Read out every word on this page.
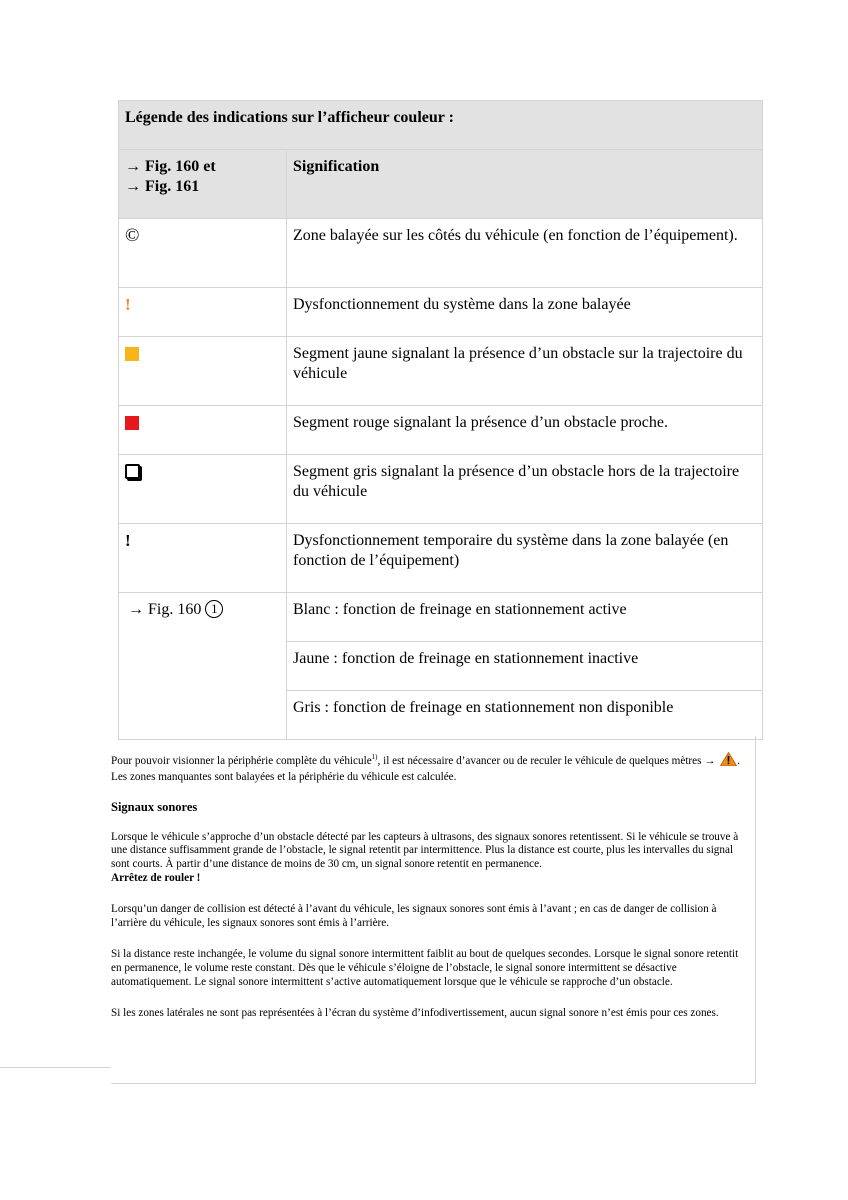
Légende des indications sur l’afficheur couleur :	

→ Fig. 160 et
→ Fig. 161	Signification
©	Zone balayée sur les côtés du véhicule (en fonction de l’équipement).
!	Dysfonctionnement du système dans la zone balayée
	Segment jaune signalant la présence d’un obstacle sur la trajectoire du véhicule
	Segment rouge signalant la présence d’un obstacle proche.
	Segment gris signalant la présence d’un obstacle hors de la trajectoire du véhicule
!	Dysfonctionnement temporaire du système dans la zone balayée (en fonction de l’équipement)
→ Fig. 160 1	Blanc : fonction de freinage en stationnement active
	Jaune : fonction de freinage en stationnement inactive
	Gris : fonction de freinage en stationnement non disponible

Pour pouvoir visionner la périphérie complète du véhicule$^{1)}$, il est nécessaire d’avancer ou de reculer le véhicule de quelques mètres → . Les zones manquantes sont balayées et la périphérie du véhicule est calculée.

Signaux sonores

Lorsque le véhicule s’approche d’un obstacle détecté par les capteurs à ultrasons, des signaux sonores retentissent. Si le véhicule se trouve à une distance suffisamment grande de l’obstacle, le signal retentit par intermittence. Plus la distance est courte, plus les intervalles du signal sont courts. À partir d’une distance de moins de 30 cm, un signal sonore retentit en permanence.
Arrêtez de rouler !

Lorsqu’un danger de collision est détecté à l’avant du véhicule, les signaux sonores sont émis à l’avant ; en cas de danger de collision à l’arrière du véhicule, les signaux sonores sont émis à l’arrière.

Si la distance reste inchangée, le volume du signal sonore intermittent faiblit au bout de quelques secondes. Lorsque le signal sonore retentit en permanence, le volume reste constant. Dès que le véhicule s’éloigne de l’obstacle, le signal sonore intermittent se désactive automatiquement. Le signal sonore intermittent s’active automatiquement lorsque que le véhicule se rapproche d’un obstacle.

Si les zones latérales ne sont pas représentées à l’écran du système d’infodivertissement, aucun signal sonore n’est émis pour ces zones.
